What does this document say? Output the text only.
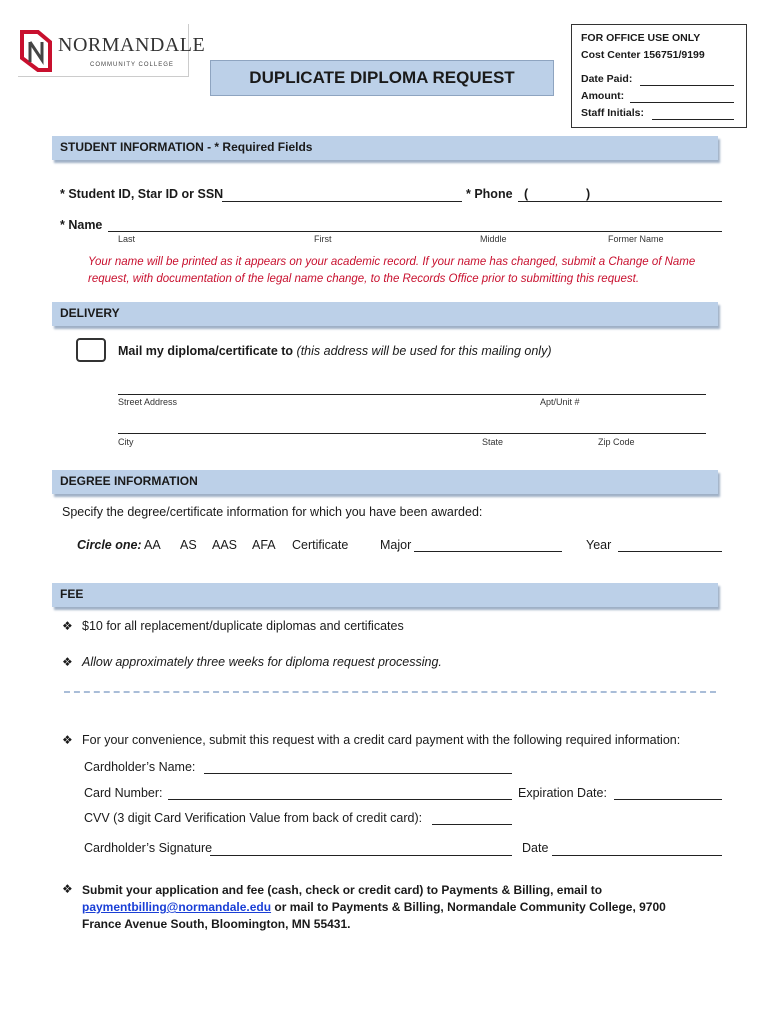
NORMANDALE
COMMUNITY COLLEGE
DUPLICATE DIPLOMA REQUEST
FOR OFFICE USE ONLY
Cost Center 156751/9199
Date Paid:
Amount:
Staff Initials:
STUDENT INFORMATION - * Required Fields
* Student ID, Star ID or SSN	* Phone (	)
* Name
Last	First	Middle	Former Name
Your name will be printed as it appears on your academic record. If your name has changed, submit a Change of Name request, with documentation of the legal name change, to the Records Office prior to submitting this request.
DELIVERY
Mail my diploma/certificate to (this address will be used for this mailing only)
Street Address	Apt/Unit #
City	State	Zip Code
DEGREE INFORMATION
Specify the degree/certificate information for which you have been awarded:
Circle one: AA AS AAS AFA Certificate	Major	Year
FEE
❖ $10 for all replacement/duplicate diplomas and certificates
❖ Allow approximately three weeks for diploma request processing.
❖ For your convenience, submit this request with a credit card payment with the following required information:
Cardholder’s Name:
Card Number:	Expiration Date:
CVV (3 digit Card Verification Value from back of credit card):
Cardholder’s Signature	Date
❖ Submit your application and fee (cash, check or credit card) to Payments & Billing, email to
paymentbilling@normandale.edu or mail to Payments & Billing, Normandale Community College, 9700
France Avenue South, Bloomington, MN 55431.
